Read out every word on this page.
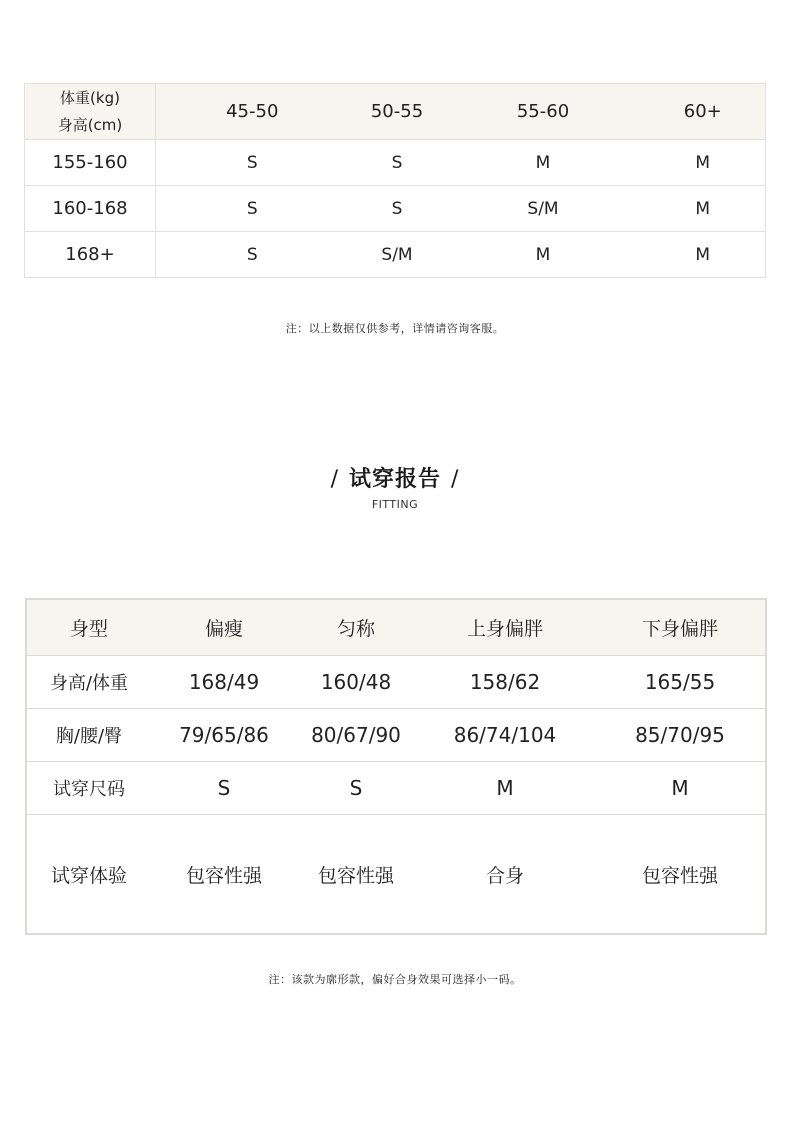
体重(kg)
身高(cm)	45-50	50-55	55-60	60+
155-160	S	S	M	M
160-168	S	S	S/M	M
168+	S	S/M	M	M
注：以上数据仅供参考，详情请咨询客服。
/ 试穿报告 /
FITTING
身型	偏瘦	匀称	上身偏胖	下身偏胖
身高/体重	168/49	160/48	158/62	165/55
胸/腰/臀	79/65/86	80/67/90	86/74/104	85/70/95
试穿尺码	S	S	M	M
试穿体验	包容性强	包容性强	合身	包容性强
注：该款为廓形款，偏好合身效果可选择小一码。
